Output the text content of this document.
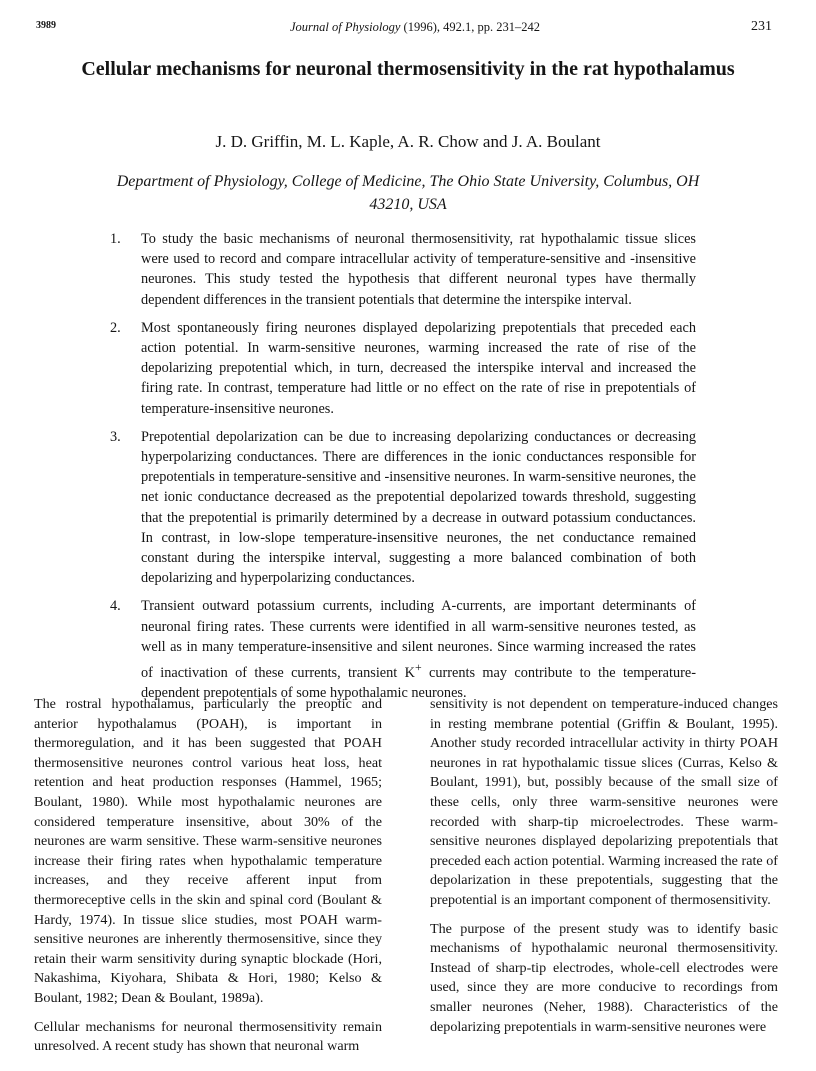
3989	Journal of Physiology (1996), 492.1, pp. 231–242	231
Cellular mechanisms for neuronal thermosensitivity in the rat hypothalamus
J. D. Griffin, M. L. Kaple, A. R. Chow and J. A. Boulant
Department of Physiology, College of Medicine, The Ohio State University, Columbus, OH 43210, USA
1. To study the basic mechanisms of neuronal thermosensitivity, rat hypothalamic tissue slices were used to record and compare intracellular activity of temperature-sensitive and -insensitive neurones. This study tested the hypothesis that different neuronal types have thermally dependent differences in the transient potentials that determine the interspike interval.
2. Most spontaneously firing neurones displayed depolarizing prepotentials that preceded each action potential. In warm-sensitive neurones, warming increased the rate of rise of the depolarizing prepotential which, in turn, decreased the interspike interval and increased the firing rate. In contrast, temperature had little or no effect on the rate of rise in prepotentials of temperature-insensitive neurones.
3. Prepotential depolarization can be due to increasing depolarizing conductances or decreasing hyperpolarizing conductances. There are differences in the ionic conductances responsible for prepotentials in temperature-sensitive and -insensitive neurones. In warm-sensitive neurones, the net ionic conductance decreased as the prepotential depolarized towards threshold, suggesting that the prepotential is primarily determined by a decrease in outward potassium conductances. In contrast, in low-slope temperature-insensitive neurones, the net conductance remained constant during the interspike interval, suggesting a more balanced combination of both depolarizing and hyperpolarizing conductances.
4. Transient outward potassium currents, including A-currents, are important determinants of neuronal firing rates. These currents were identified in all warm-sensitive neurones tested, as well as in many temperature-insensitive and silent neurones. Since warming increased the rates of inactivation of these currents, transient K+ currents may contribute to the temperature-dependent prepotentials of some hypothalamic neurones.

The rostral hypothalamus, particularly the preoptic and anterior hypothalamus (POAH), is important in thermoregulation, and it has been suggested that POAH thermosensitive neurones control various heat loss, heat retention and heat production responses (Hammel, 1965; Boulant, 1980). While most hypothalamic neurones are considered temperature insensitive, about 30% of the neurones are warm sensitive. These warm-sensitive neurones increase their firing rates when hypothalamic temperature increases, and they receive afferent input from thermoreceptive cells in the skin and spinal cord (Boulant & Hardy, 1974). In tissue slice studies, most POAH warm-sensitive neurones are inherently thermosensitive, since they retain their warm sensitivity during synaptic blockade (Hori, Nakashima, Kiyohara, Shibata & Hori, 1980; Kelso & Boulant, 1982; Dean & Boulant, 1989a).

Cellular mechanisms for neuronal thermosensitivity remain unresolved. A recent study has shown that neuronal warm

sensitivity is not dependent on temperature-induced changes in resting membrane potential (Griffin & Boulant, 1995). Another study recorded intracellular activity in thirty POAH neurones in rat hypothalamic tissue slices (Curras, Kelso & Boulant, 1991), but, possibly because of the small size of these cells, only three warm-sensitive neurones were recorded with sharp-tip microelectrodes. These warm-sensitive neurones displayed depolarizing prepotentials that preceded each action potential. Warming increased the rate of depolarization in these prepotentials, suggesting that the prepotential is an important component of thermosensitivity.

The purpose of the present study was to identify basic mechanisms of hypothalamic neuronal thermosensitivity. Instead of sharp-tip electrodes, whole-cell electrodes were used, since they are more conducive to recordings from smaller neurones (Neher, 1988). Characteristics of the depolarizing prepotentials in warm-sensitive neurones were
